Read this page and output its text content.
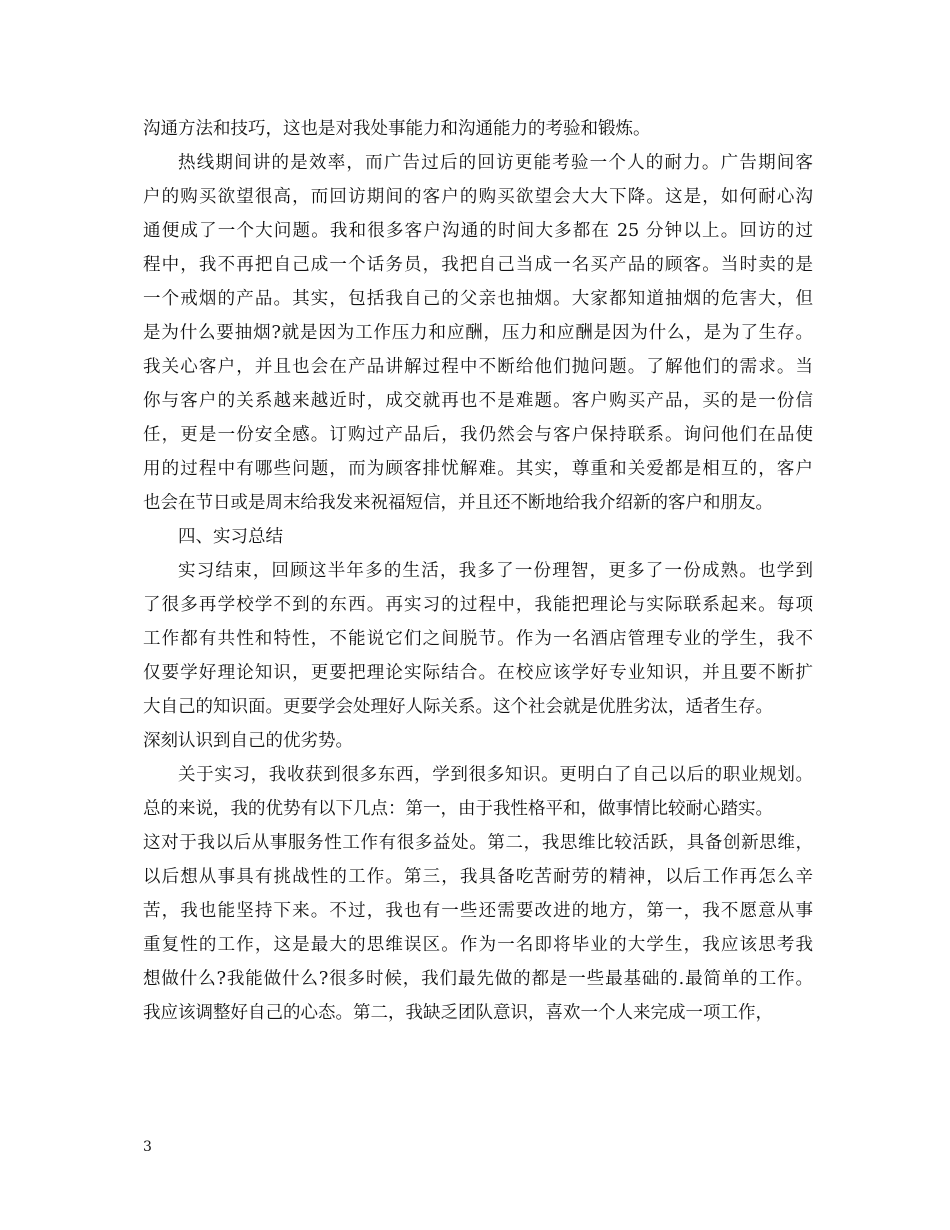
沟通方法和技巧，这也是对我处事能力和沟通能力的考验和锻炼。
热线期间讲的是效率，而广告过后的回访更能考验一个人的耐力。广告期间客
户的购买欲望很高，而回访期间的客户的购买欲望会大大下降。这是，如何耐心沟
通便成了一个大问题。我和很多客户沟通的时间大多都在 25 分钟以上。回访的过
程中，我不再把自己成一个话务员，我把自己当成一名买产品的顾客。当时卖的是
一个戒烟的产品。其实，包括我自己的父亲也抽烟。大家都知道抽烟的危害大，但
是为什么要抽烟?就是因为工作压力和应酬，压力和应酬是因为什么，是为了生存。
我关心客户，并且也会在产品讲解过程中不断给他们抛问题。了解他们的需求。当
你与客户的关系越来越近时，成交就再也不是难题。客户购买产品，买的是一份信
任，更是一份安全感。订购过产品后，我仍然会与客户保持联系。询问他们在品使
用的过程中有哪些问题，而为顾客排忧解难。其实，尊重和关爱都是相互的，客户
也会在节日或是周末给我发来祝福短信，并且还不断地给我介绍新的客户和朋友。
四、实习总结
实习结束，回顾这半年多的生活，我多了一份理智，更多了一份成熟。也学到
了很多再学校学不到的东西。再实习的过程中，我能把理论与实际联系起来。每项
工作都有共性和特性，不能说它们之间脱节。作为一名酒店管理专业的学生，我不
仅要学好理论知识，更要把理论实际结合。在校应该学好专业知识，并且要不断扩
大自己的知识面。更要学会处理好人际关系。这个社会就是优胜劣汰，适者生存。
深刻认识到自己的优劣势。
关于实习，我收获到很多东西，学到很多知识。更明白了自己以后的职业规划。
总的来说，我的优势有以下几点：第一，由于我性格平和，做事情比较耐心踏实。
这对于我以后从事服务性工作有很多益处。第二，我思维比较活跃，具备创新思维，
以后想从事具有挑战性的工作。第三，我具备吃苦耐劳的精神，以后工作再怎么辛
苦，我也能坚持下来。不过，我也有一些还需要改进的地方，第一，我不愿意从事
重复性的工作，这是最大的思维误区。作为一名即将毕业的大学生，我应该思考我
想做什么?我能做什么?很多时候，我们最先做的都是一些最基础的.最简单的工作。
我应该调整好自己的心态。第二，我缺乏团队意识，喜欢一个人来完成一项工作，
3
